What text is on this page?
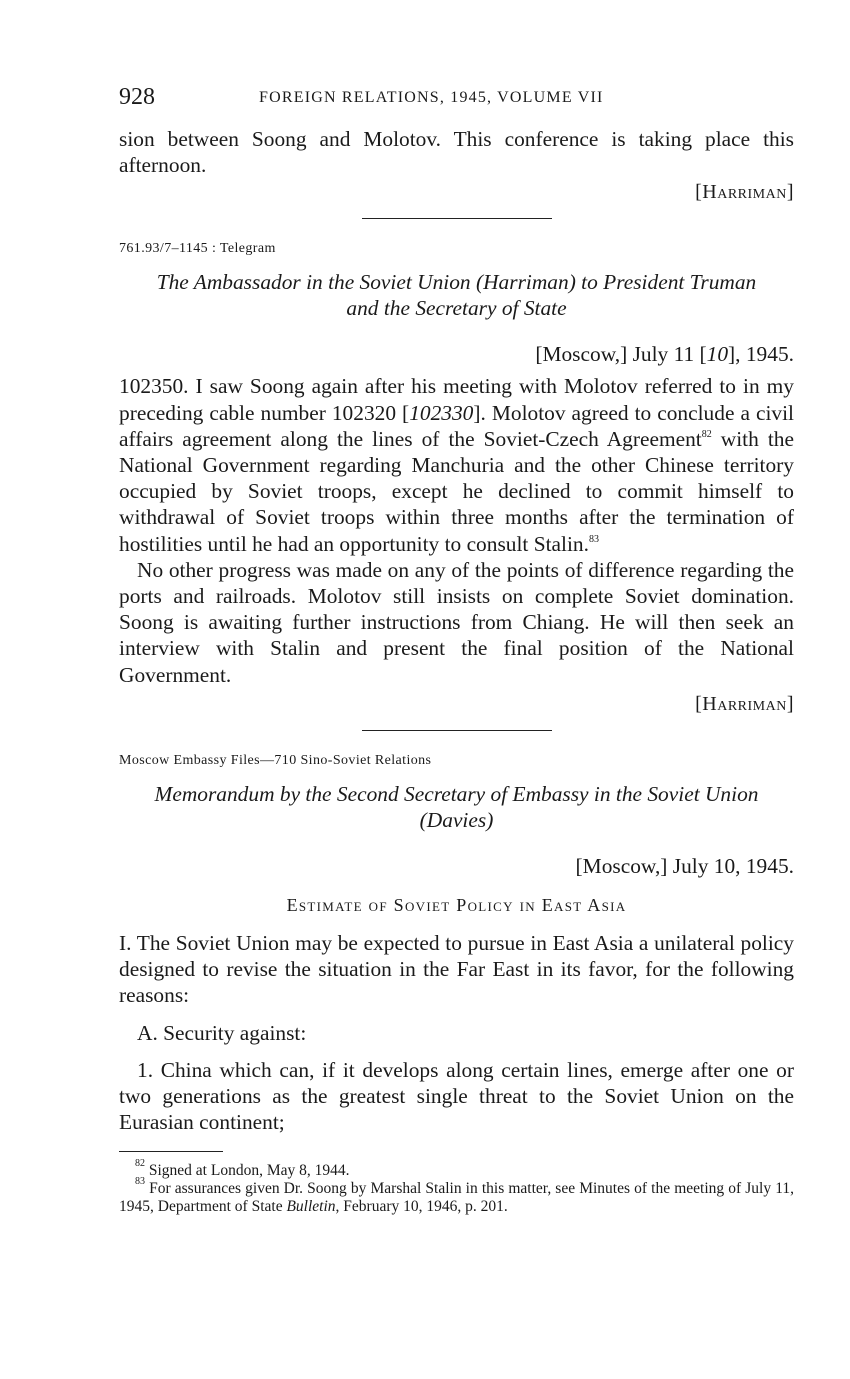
928	FOREIGN RELATIONS, 1945, VOLUME VII

sion between Soong and Molotov. This conference is taking place this afternoon.

[Harriman]

761.93/7–1145 : Telegram

The Ambassador in the Soviet Union (Harriman) to President Truman and the Secretary of State

[Moscow,] July 11 [10], 1945.

102350. I saw Soong again after his meeting with Molotov referred to in my preceding cable number 102320 [102330]. Molotov agreed to conclude a civil affairs agreement along the lines of the Soviet-Czech Agreement$^{82}$ with the National Government regarding Manchuria and the other Chinese territory occupied by Soviet troops, except he declined to commit himself to withdrawal of Soviet troops within three months after the termination of hostilities until he had an opportunity to consult Stalin.$^{83}$

No other progress was made on any of the points of difference regarding the ports and railroads. Molotov still insists on complete Soviet domination. Soong is awaiting further instructions from Chiang. He will then seek an interview with Stalin and present the final position of the National Government.

[Harriman]

Moscow Embassy Files—710 Sino-Soviet Relations

Memorandum by the Second Secretary of Embassy in the Soviet Union (Davies)

[Moscow,] July 10, 1945.

Estimate of Soviet Policy in East Asia

I. The Soviet Union may be expected to pursue in East Asia a unilateral policy designed to revise the situation in the Far East in its favor, for the following reasons:

A. Security against:

1. China which can, if it develops along certain lines, emerge after one or two generations as the greatest single threat to the Soviet Union on the Eurasian continent;

$^{82}$ Signed at London, May 8, 1944.

$^{83}$ For assurances given Dr. Soong by Marshal Stalin in this matter, see Minutes of the meeting of July 11, 1945, Department of State Bulletin, February 10, 1946, p. 201.
